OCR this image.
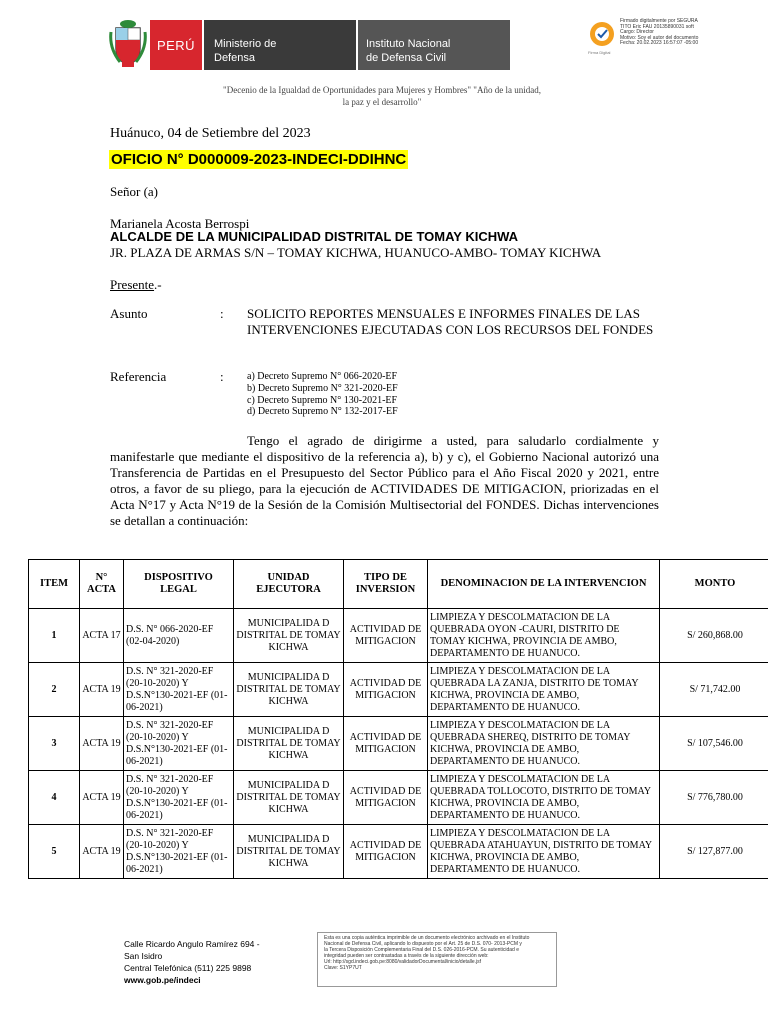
PERÚ Ministerio de
Defensa
Instituto Nacional
de Defensa Civil	Firma Digital
Firmado digitalmente por SEGURA
TITO Eric FAU 20135890031 soft
Cargo: Director
Motivo: Soy el autor del documento
Fecha: 20.02.2023 16:57:07 -05:00
"Decenio de la Igualdad de Oportunidades para Mujeres y Hombres" "Año de la unidad, la paz y el desarrollo"
Huánuco, 04 de Setiembre del 2023
OFICIO N° D000009-2023-INDECI-DDIHNC
Señor (a)
Marianela Acosta Berrospi
ALCALDE DE LA MUNICIPALIDAD DISTRITAL DE TOMAY KICHWA
JR. PLAZA DE ARMAS S/N – TOMAY KICHWA, HUANUCO-AMBO- TOMAY KICHWA
Presente.-
Asunto	: SOLICITO REPORTES MENSUALES E INFORMES FINALES DE LAS INTERVENCIONES EJECUTADAS CON LOS RECURSOS DEL FONDES
Referencia	: a) Decreto Supremo N° 066-2020-EF
b) Decreto Supremo N° 321-2020-EF
c) Decreto Supremo N° 130-2021-EF
d) Decreto Supremo N° 132-2017-EF
Tengo el agrado de dirigirme a usted, para saludarlo cordialmente y manifestarle que mediante el dispositivo de la referencia a), b) y c), el Gobierno Nacional autorizó una Transferencia de Partidas en el Presupuesto del Sector Público para el Año Fiscal 2020 y 2021, entre otros, a favor de su pliego, para la ejecución de ACTIVIDADES DE MITIGACION, priorizadas en el Acta N°17 y Acta N°19 de la Sesión de la Comisión Multisectorial del FONDES. Dichas intervenciones se detallan a continuación:
ITEM	N° ACTA	DISPOSITIVO LEGAL	UNIDAD EJECUTORA	TIPO DE INVERSION	DENOMINACION DE LA INTERVENCION	MONTO
1	ACTA 17	D.S. N° 066-2020-EF (02-04-2020)	MUNICIPALIDA D DISTRITAL DE TOMAY KICHWA	ACTIVIDAD DE MITIGACION	LIMPIEZA Y DESCOLMATACION DE LA QUEBRADA OYON -CAURI, DISTRITO DE TOMAY KICHWA, PROVINCIA DE AMBO, DEPARTAMENTO DE HUANUCO.	S/ 260,868.00
2	ACTA 19	D.S. N° 321-2020-EF (20-10-2020) Y D.S.N°130-2021-EF (01-06-2021)	MUNICIPALIDA D DISTRITAL DE TOMAY KICHWA	ACTIVIDAD DE MITIGACION	LIMPIEZA Y DESCOLMATACION DE LA QUEBRADA LA ZANJA, DISTRITO DE TOMAY KICHWA, PROVINCIA DE AMBO, DEPARTAMENTO DE HUANUCO.	S/ 71,742.00
3	ACTA 19	D.S. N° 321-2020-EF (20-10-2020) Y D.S.N°130-2021-EF (01-06-2021)	MUNICIPALIDA D DISTRITAL DE TOMAY KICHWA	ACTIVIDAD DE MITIGACION	LIMPIEZA Y DESCOLMATACION DE LA QUEBRADA SHEREQ, DISTRITO DE TOMAY KICHWA, PROVINCIA DE AMBO, DEPARTAMENTO DE HUANUCO.	S/ 107,546.00
4	ACTA 19	D.S. N° 321-2020-EF (20-10-2020) Y D.S.N°130-2021-EF (01-06-2021)	MUNICIPALIDA D DISTRITAL DE TOMAY KICHWA	ACTIVIDAD DE MITIGACION	LIMPIEZA Y DESCOLMATACION DE LA QUEBRADA TOLLOCOTO, DISTRITO DE TOMAY KICHWA, PROVINCIA DE AMBO, DEPARTAMENTO DE HUANUCO.	S/ 776,780.00
5	ACTA 19	D.S. N° 321-2020-EF (20-10-2020) Y D.S.N°130-2021-EF (01-06-2021)	MUNICIPALIDA D DISTRITAL DE TOMAY KICHWA	ACTIVIDAD DE MITIGACION	LIMPIEZA Y DESCOLMATACION DE LA QUEBRADA ATAHUAYUN, DISTRITO DE TOMAY KICHWA, PROVINCIA DE AMBO, DEPARTAMENTO DE HUANUCO.	S/ 127,877.00
Calle Ricardo Angulo Ramírez 694 -
San Isidro
Central Telefónica (511) 225 9898
www.gob.pe/indeci
Esta es una copia auténtica imprimible de un documento electrónico archivado en el Instituto
Nacional de Defensa Civil, aplicando lo dispuesto por el Art. 25 de D.S. 070- 2013-PCM y
la Tercera Disposición Complementaria Final del D.S. 026-2016-PCM. Su autenticidad e
integridad pueden ser contrastadas a través de la siguiente dirección web:
Url: http://sgd.indeci.gob.pe:8080/validadorDocumental/inicio/detalle.jsf
Clave: S1YP7UT
